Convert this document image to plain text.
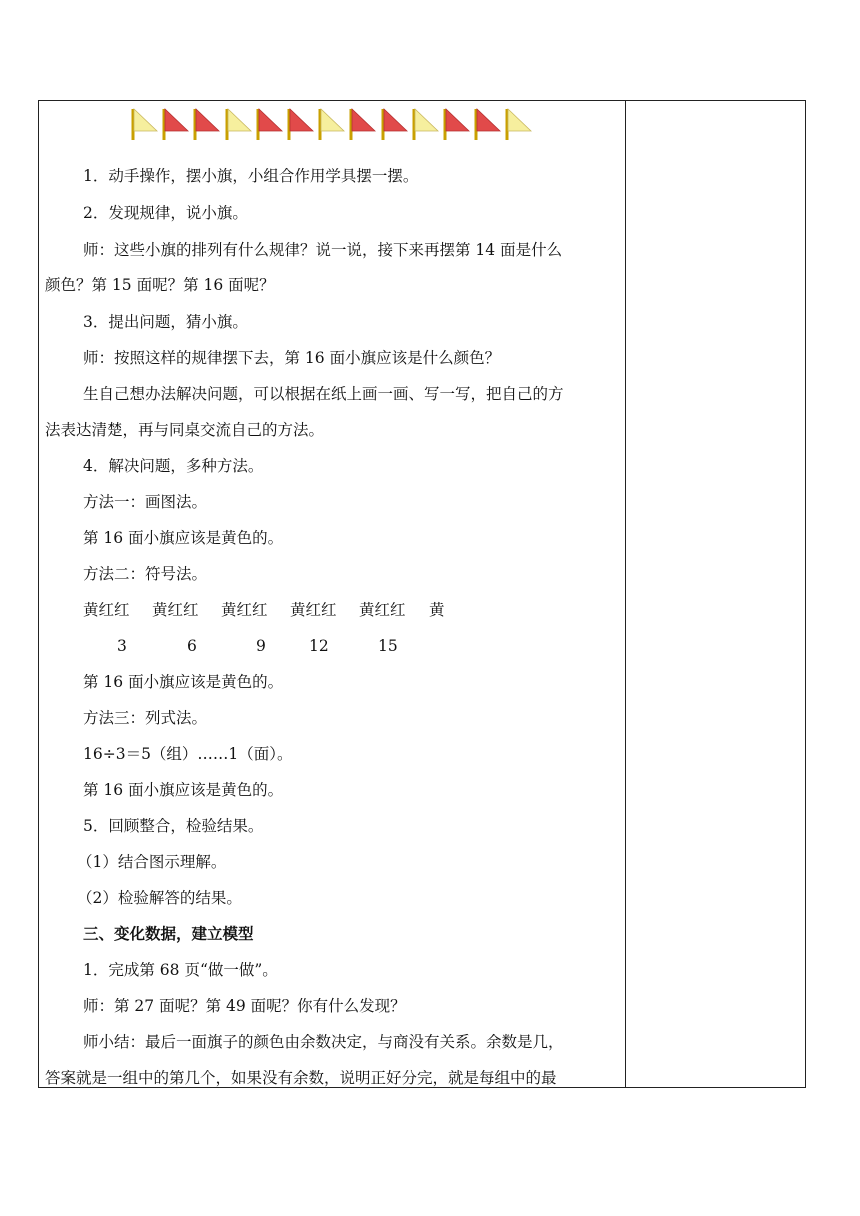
1．动手操作，摆小旗，小组合作用学具摆一摆。
2．发现规律，说小旗。
师：这些小旗的排列有什么规律？说一说，接下来再摆第 14 面是什么
颜色？第 15 面呢？第 16 面呢？
3．提出问题，猜小旗。
师：按照这样的规律摆下去，第 16 面小旗应该是什么颜色？
生自己想办法解决问题，可以根据在纸上画一画、写一写，把自己的方
法表达清楚，再与同桌交流自己的方法。
4．解决问题，多种方法。
方法一：画图法。
第 16 面小旗应该是黄色的。
方法二：符号法。
黄红红 黄红红 黄红红 黄红红 黄红红 黄
3	6	9	12	15
第 16 面小旗应该是黄色的。
方法三：列式法。
16÷3＝5（组）……1（面）。
第 16 面小旗应该是黄色的。
5．回顾整合，检验结果。
（1）结合图示理解。
（2）检验解答的结果。
三、变化数据，建立模型
1．完成第 68 页“做一做”。
师：第 27 面呢？第 49 面呢？你有什么发现？
师小结：最后一面旗子的颜色由余数决定，与商没有关系。余数是几，
答案就是一组中的第几个，如果没有余数，说明正好分完，就是每组中的最
